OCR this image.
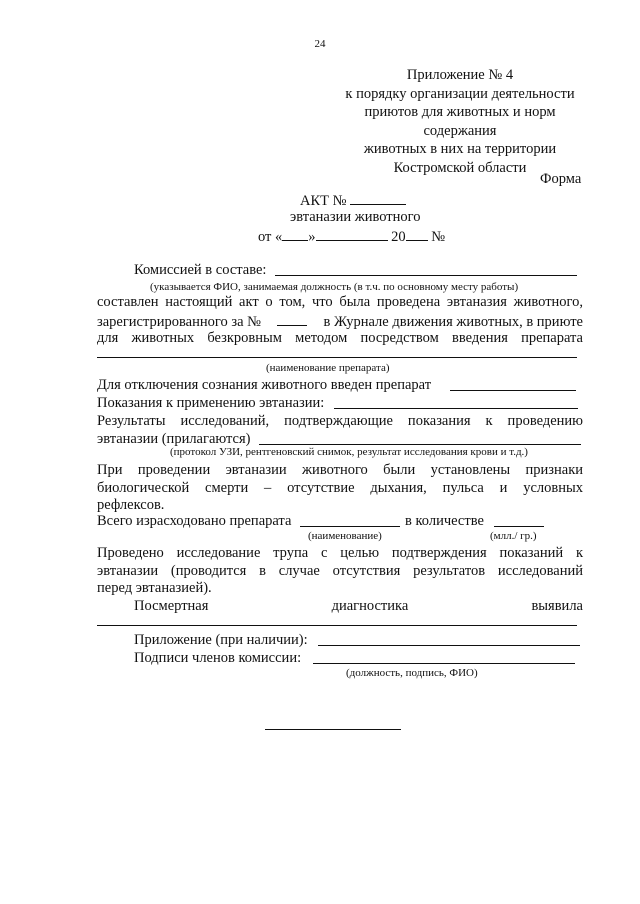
24
Приложение № 4
к порядку организации деятельности
приютов для животных и норм содержания
животных в них на территории
Костромской области
Форма
АКТ №
эвтаназии животного
от « »	20 №
Комиссией в составе:
(указывается ФИО, занимаемая должность (в т.ч. по основному месту работы)
составлен настоящий акт о том, что была проведена эвтаназия животного,
зарегистрированного за №	в Журнале движения животных, в приюте
для животных безкровным методом посредством введения препарата
(наименование препарата)
Для отключения сознания животного введен препарат
Показания к применению эвтаназии:
Результаты исследований, подтверждающие показания к проведению
эвтаназии (прилагаются)
(протокол УЗИ, рентгеновский снимок, результат исследования крови и т.д.)
При проведении эвтаназии животного были установлены признаки
биологической смерти – отсутствие дыхания, пульса и условных
рефлексов.
Всего израсходовано препарата	в количестве
(наименование)	(млл./ гр.)
Проведено исследование трупа с целью подтверждения показаний к
эвтаназии (проводится в случае отсутствия результатов исследований
перед эвтаназией).
Посмертная	диагностика	выявила
Приложение (при наличии):
Подписи членов комиссии:
(должность, подпись, ФИО)
